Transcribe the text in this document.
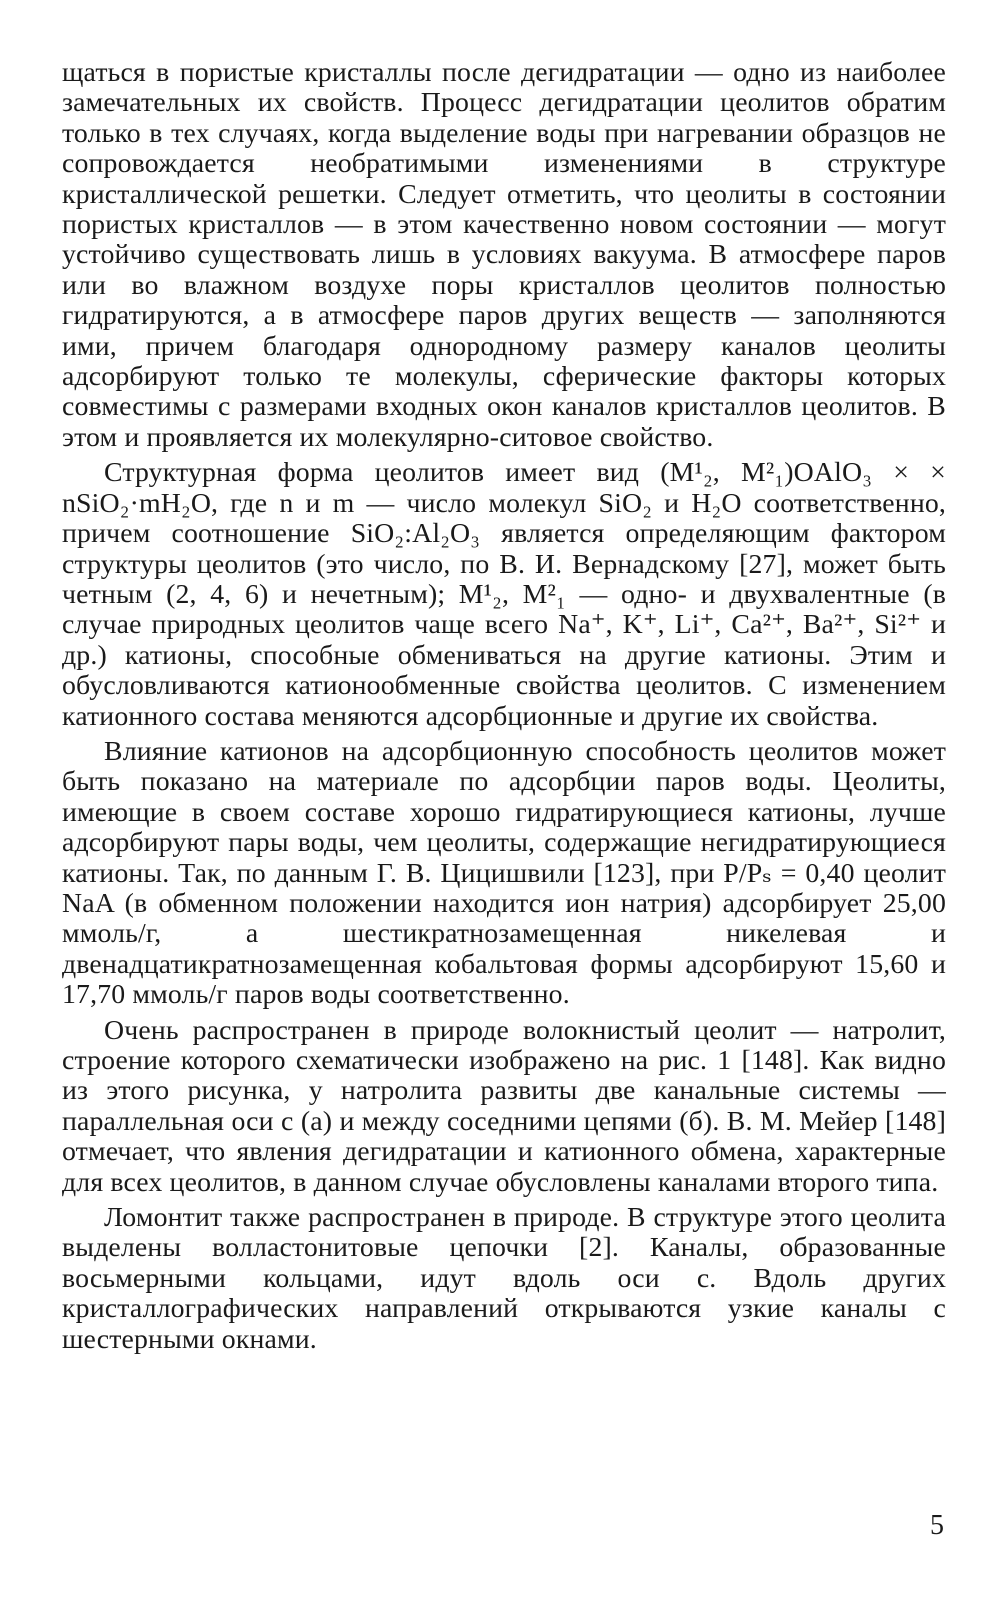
щаться в пористые кристаллы после дегидратации — одно из наиболее замечательных их свойств. Процесс дегидратации цеолитов обратим только в тех случаях, когда выделение воды при нагревании образцов не сопровождается необратимыми изменениями в структуре кристаллической решетки. Следует отметить, что цеолиты в состоянии пористых кристаллов — в этом качественно новом состоянии — могут устойчиво существовать лишь в условиях вакуума. В атмосфере паров или во влажном воздухе поры кристаллов цеолитов полностью гидратируются, а в атмосфере паров других веществ — заполняются ими, причем благодаря однородному размеру каналов цеолиты адсорбируют только те молекулы, сферические факторы которых совместимы с размерами входных окон каналов кристаллов цеолитов. В этом и проявляется их молекулярно-ситовое свойство.

Структурная форма цеолитов имеет вид (M¹₂, M²₁)OAlO₃ × × nSiO₂·mH₂O, где n и m — число молекул SiO₂ и H₂O соответственно, причем соотношение SiO₂:Al₂O₃ является определяющим фактором структуры цеолитов (это число, по В. И. Вернадскому [27], может быть четным (2, 4, 6) и нечетным); M¹₂, M²₁ — одно- и двухвалентные (в случае природных цеолитов чаще всего Na⁺, K⁺, Li⁺, Ca²⁺, Ba²⁺, Si²⁺ и др.) катионы, способные обмениваться на другие катионы. Этим и обусловливаются катионообменные свойства цеолитов. С изменением катионного состава меняются адсорбционные и другие их свойства.

Влияние катионов на адсорбционную способность цеолитов может быть показано на материале по адсорбции паров воды. Цеолиты, имеющие в своем составе хорошо гидратирующиеся катионы, лучше адсорбируют пары воды, чем цеолиты, содержащие негидратирующиеся катионы. Так, по данным Г. В. Цицишвили [123], при P/Pₛ = 0,40 цеолит NaA (в обменном положении находится ион натрия) адсорбирует 25,00 ммоль/г, а шестикратнозамещенная никелевая и двенадцатикратнозамещенная кобальтовая формы адсорбируют 15,60 и 17,70 ммоль/г паров воды соответственно.

Очень распространен в природе волокнистый цеолит — натролит, строение которого схематически изображено на рис. 1 [148]. Как видно из этого рисунка, у натролита развиты две канальные системы — параллельная оси c (а) и между соседними цепями (б). В. М. Мейер [148] отмечает, что явления дегидратации и катионного обмена, характерные для всех цеолитов, в данном случае обусловлены каналами второго типа.

Ломонтит также распространен в природе. В структуре этого цеолита выделены волластонитовые цепочки [2]. Каналы, образованные восьмерными кольцами, идут вдоль оси c. Вдоль других кристаллографических направлений открываются узкие каналы с шестерными окнами.

5
